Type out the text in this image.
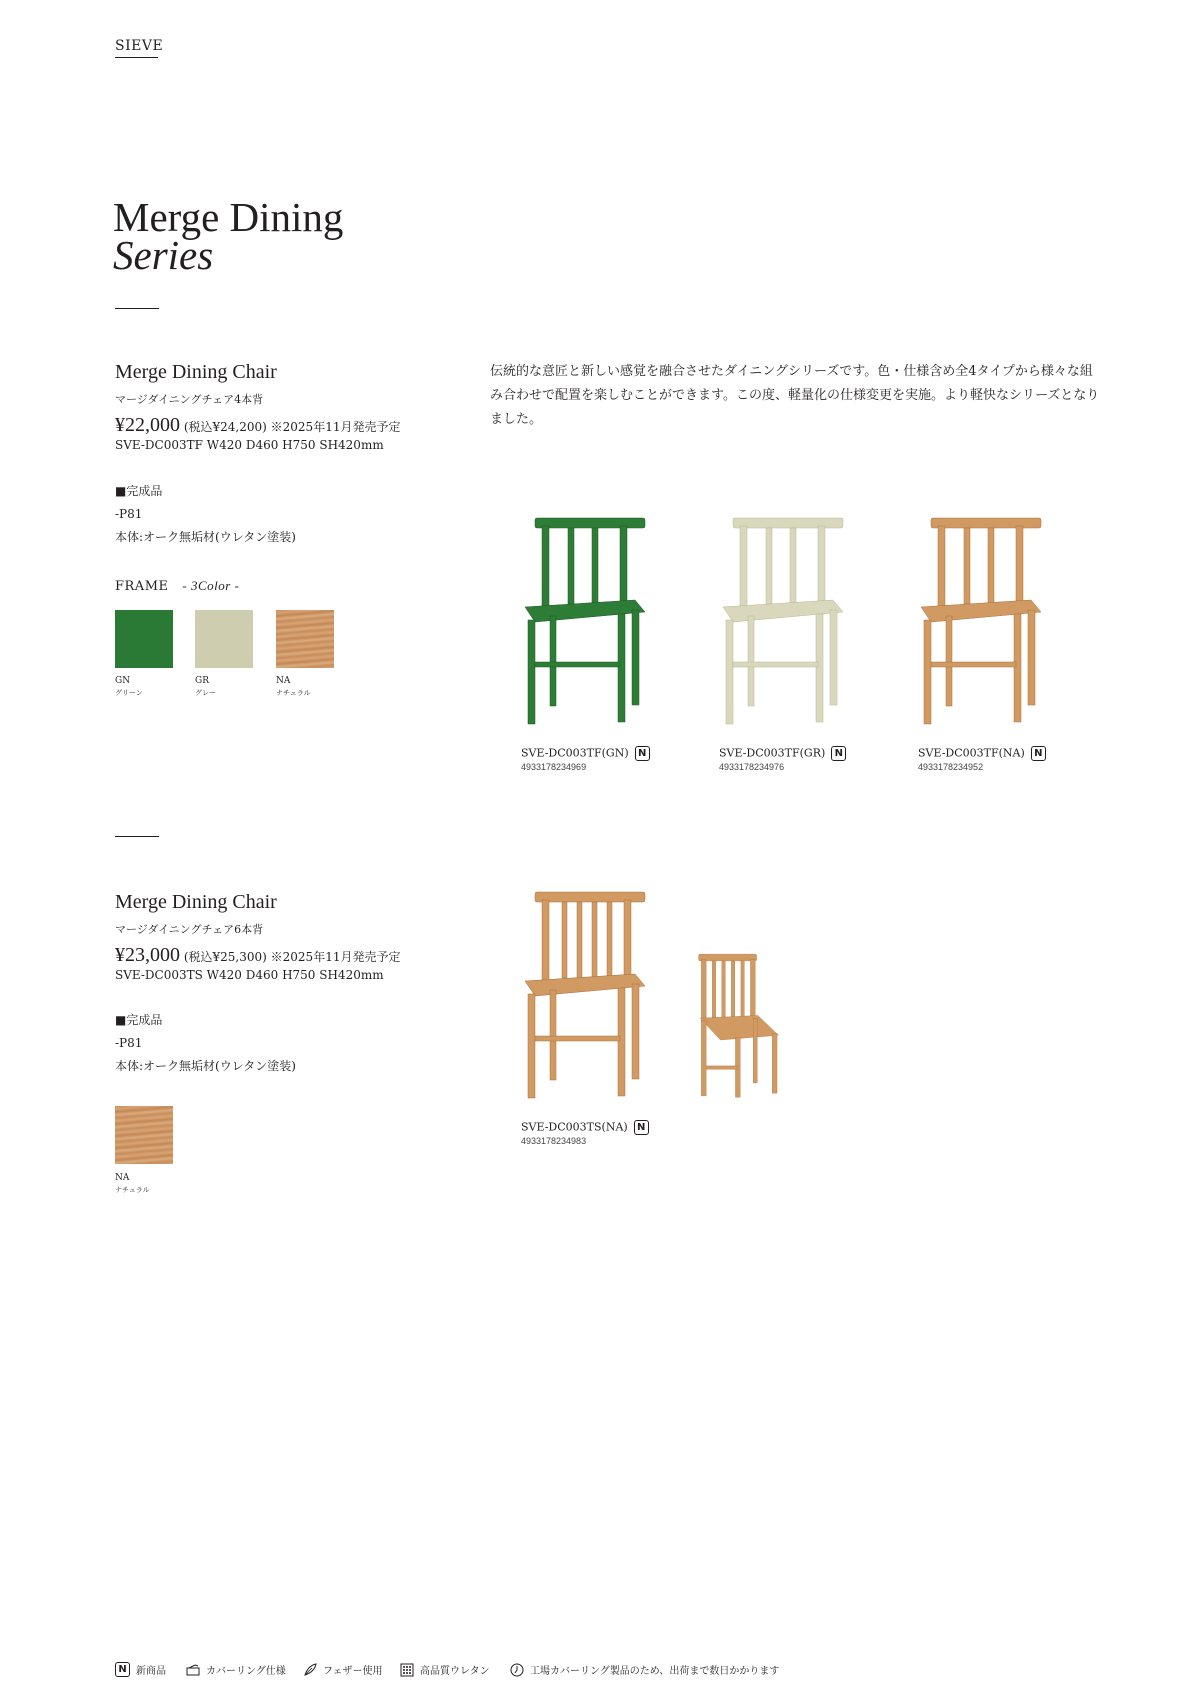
SIEVE
Merge Dining
Series
Merge Dining Chair
マージダイニングチェア4本背
¥22,000 (税込¥24,200) ※2025年11月発売予定
SVE-DC003TF W420 D460 H750 SH420mm
■完成品
-P81
本体:オーク無垢材(ウレタン塗装)
FRAME - 3Color -
GN
グリーン
GR
グレー
NA
ナチュラル
伝統的な意匠と新しい感覚を融合させたダイニングシリーズです。色・仕様含め全4タイプから様々な組み合わせで配置を楽しむことができます。この度、軽量化の仕様変更を実施。より軽快なシリーズとなりました。
SVE-DC003TF(GN) N
4933178234969
SVE-DC003TF(GR) N
4933178234976
SVE-DC003TF(NA) N
4933178234952
Merge Dining Chair
マージダイニングチェア6本背
¥23,000 (税込¥25,300) ※2025年11月発売予定
SVE-DC003TS W420 D460 H750 SH420mm
■完成品
-P81
本体:オーク無垢材(ウレタン塗装)
NA
ナチュラル
SVE-DC003TS(NA) N
4933178234983
N 新商品	カバーリング仕様	フェザー使用	高品質ウレタン	工場カバーリング製品のため、出荷まで数日かかります
